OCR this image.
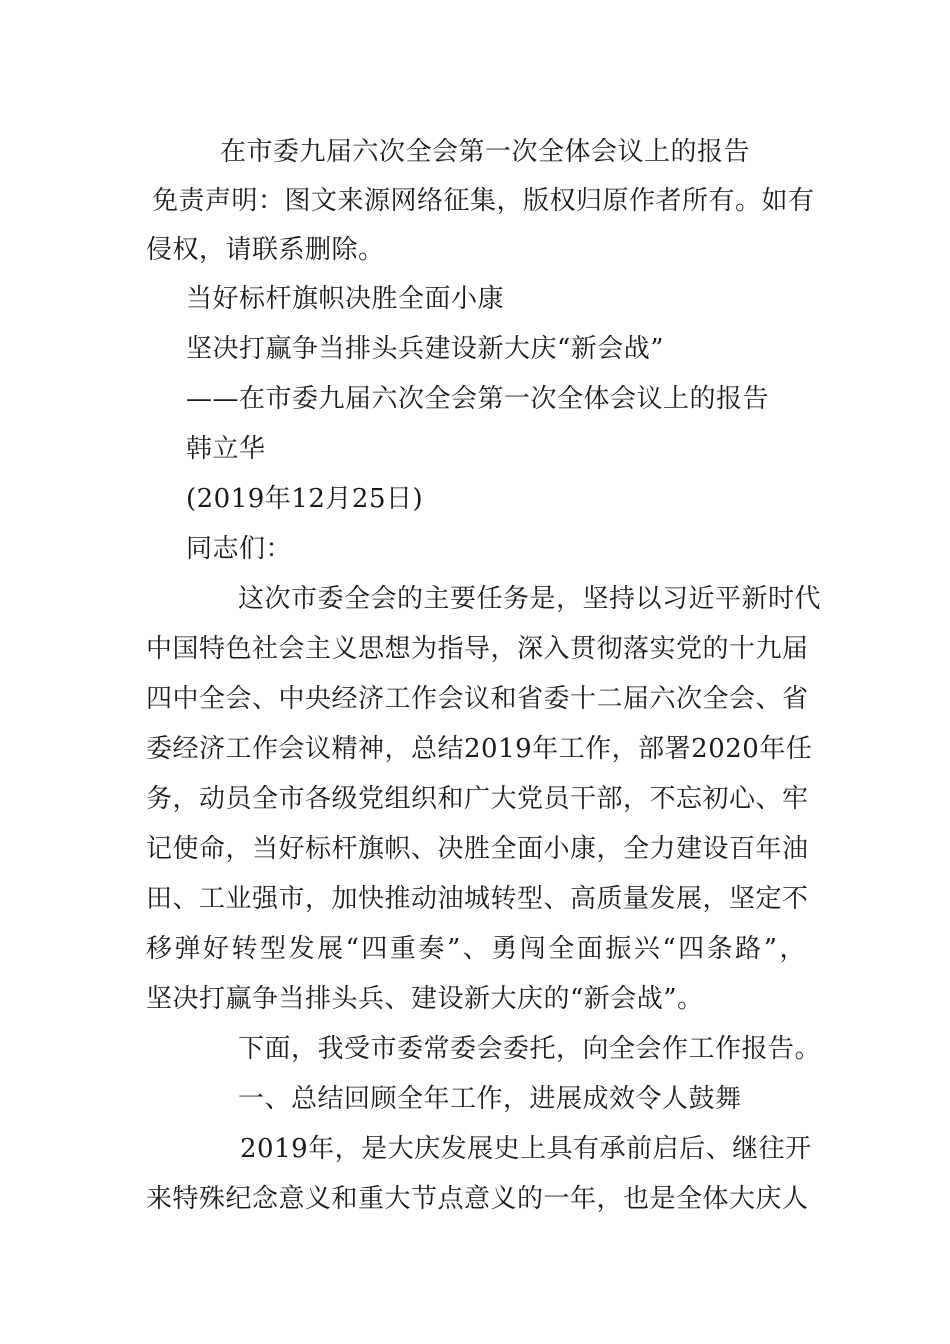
在市委九届六次全会第一次全体会议上的报告
免责声明：图文来源网络征集，版权归原作者所有。如有
侵权，请联系删除。
当好标杆旗帜决胜全面小康
坚决打赢争当排头兵建设新大庆“新会战”
——在市委九届六次全会第一次全体会议上的报告
韩立华
(2019年12月25日)
同志们：
这次市委全会的主要任务是，坚持以习近平新时代
中国特色社会主义思想为指导，深入贯彻落实党的十九届
四中全会、中央经济工作会议和省委十二届六次全会、省
委经济工作会议精神，总结2019年工作，部署2020年任
务，动员全市各级党组织和广大党员干部，不忘初心、牢
记使命，当好标杆旗帜、决胜全面小康，全力建设百年油
田、工业强市，加快推动油城转型、高质量发展，坚定不
移弹好转型发展“四重奏”、勇闯全面振兴“四条路”，
坚决打赢争当排头兵、建设新大庆的“新会战”。
下面，我受市委常委会委托，向全会作工作报告。
一、总结回顾全年工作，进展成效令人鼓舞
2019年，是大庆发展史上具有承前启后、继往开
来特殊纪念意义和重大节点意义的一年，也是全体大庆人
